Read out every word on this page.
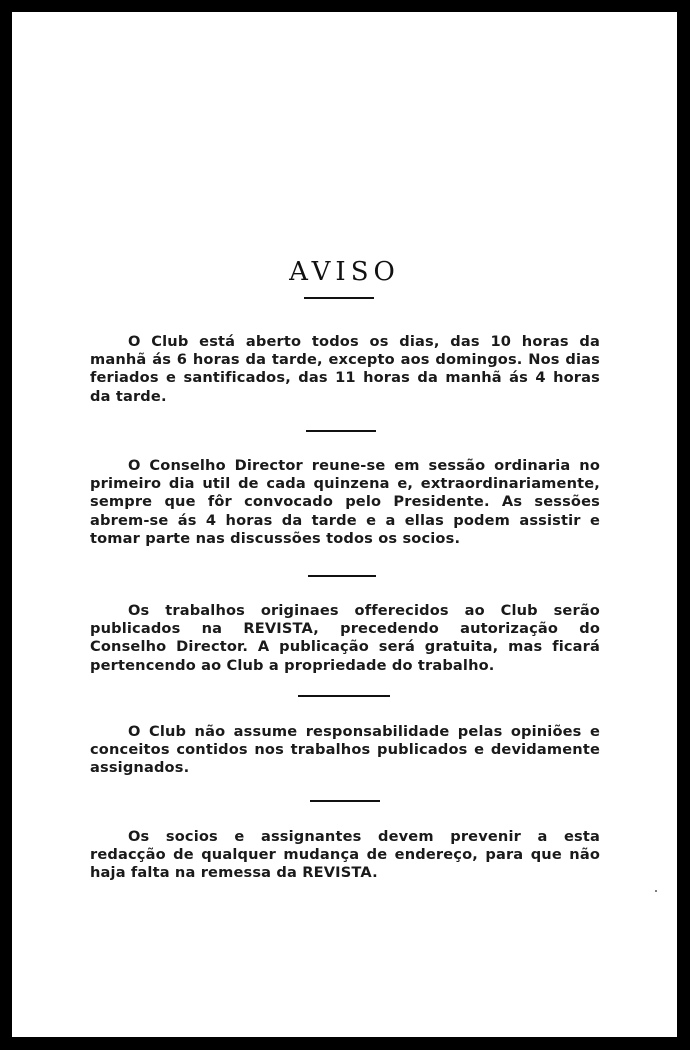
AVISO

O Club está aberto todos os dias, das 10 horas da manhã ás 6 horas da tarde, excepto aos domingos. Nos dias feriados e santificados, das 11 horas da manhã ás 4 horas da tarde.

O Conselho Director reune-se em sessão ordinaria no primeiro dia util de cada quinzena e, extraordinariamente, sempre que fôr convocado pelo Presidente. As sessões abrem-se ás 4 horas da tarde e a ellas podem assistir e tomar parte nas discussões todos os socios.

Os trabalhos originaes offerecidos ao Club serão publicados na REVISTA, precedendo autorização do Conselho Director. A publicação será gratuita, mas ficará pertencendo ao Club a propriedade do trabalho.

O Club não assume responsabilidade pelas opiniões e conceitos contidos nos trabalhos publicados e devidamente assignados.

Os socios e assignantes devem prevenir a esta redacção de qualquer mudança de endereço, para que não haja falta na remessa da REVISTA.
